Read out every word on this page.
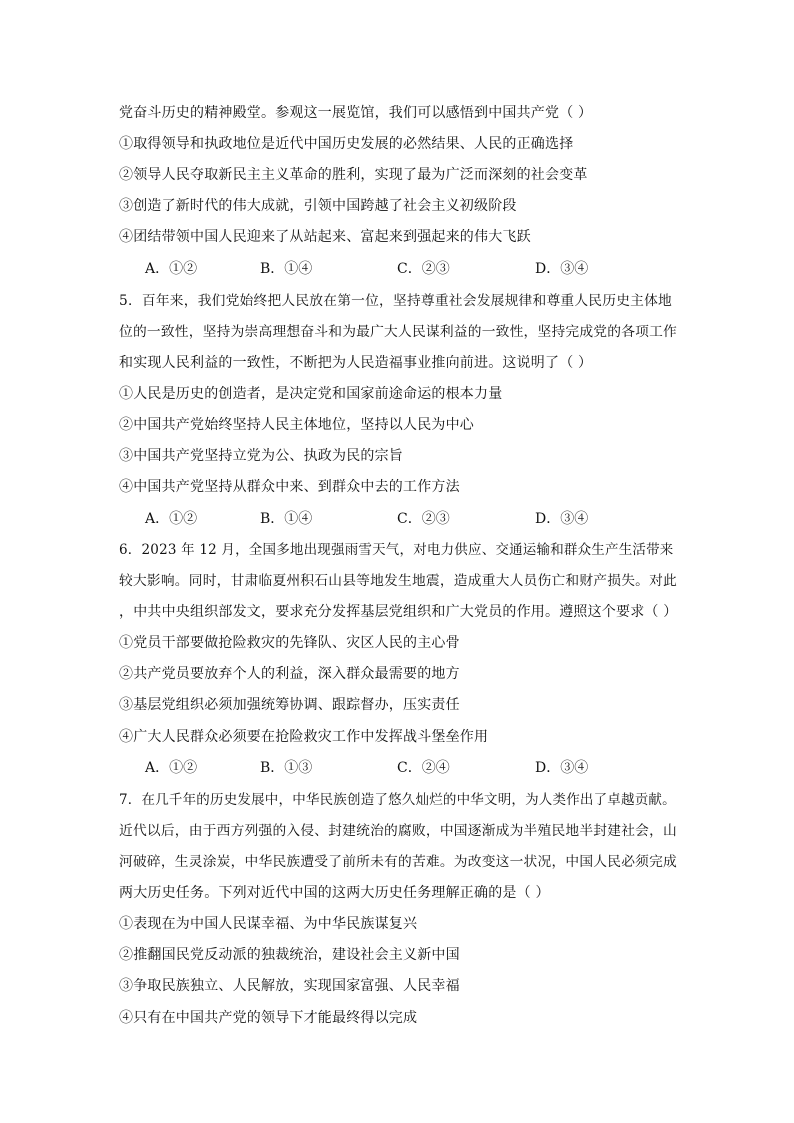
党奋斗历史的精神殿堂。参观这一展览馆，我们可以感悟到中国共产党（ ）
①取得领导和执政地位是近代中国历史发展的必然结果、人民的正确选择
②领导人民夺取新民主主义革命的胜利，实现了最为广泛而深刻的社会变革
③创造了新时代的伟大成就，引领中国跨越了社会主义初级阶段
④团结带领中国人民迎来了从站起来、富起来到强起来的伟大飞跃
A．①②	B．①④	C．②③	D．③④
5．百年来，我们党始终把人民放在第一位，坚持尊重社会发展规律和尊重人民历史主体地
位的一致性，坚持为崇高理想奋斗和为最广大人民谋利益的一致性，坚持完成党的各项工作
和实现人民利益的一致性，不断把为人民造福事业推向前进。这说明了（ ）
①人民是历史的创造者，是决定党和国家前途命运的根本力量
②中国共产党始终坚持人民主体地位，坚持以人民为中心
③中国共产党坚持立党为公、执政为民的宗旨
④中国共产党坚持从群众中来、到群众中去的工作方法
A．①②	B．①④	C．②③	D．③④
6．2023 年 12 月，全国多地出现强雨雪天气，对电力供应、交通运输和群众生产生活带来
较大影响。同时，甘肃临夏州积石山县等地发生地震，造成重大人员伤亡和财产损失。对此
，中共中央组织部发文，要求充分发挥基层党组织和广大党员的作用。遵照这个要求（ ）
①党员干部要做抢险救灾的先锋队、灾区人民的主心骨
②共产党员要放弃个人的利益，深入群众最需要的地方
③基层党组织必须加强统筹协调、跟踪督办，压实责任
④广大人民群众必须要在抢险救灾工作中发挥战斗堡垒作用
A．①②	B．①③	C．②④	D．③④
7．在几千年的历史发展中，中华民族创造了悠久灿烂的中华文明，为人类作出了卓越贡献。
近代以后，由于西方列强的入侵、封建统治的腐败，中国逐渐成为半殖民地半封建社会，山
河破碎，生灵涂炭，中华民族遭受了前所未有的苦难。为改变这一状况，中国人民必须完成
两大历史任务。下列对近代中国的这两大历史任务理解正确的是（ ）
①表现在为中国人民谋幸福、为中华民族谋复兴
②推翻国民党反动派的独裁统治，建设社会主义新中国
③争取民族独立、人民解放，实现国家富强、人民幸福
④只有在中国共产党的领导下才能最终得以完成
